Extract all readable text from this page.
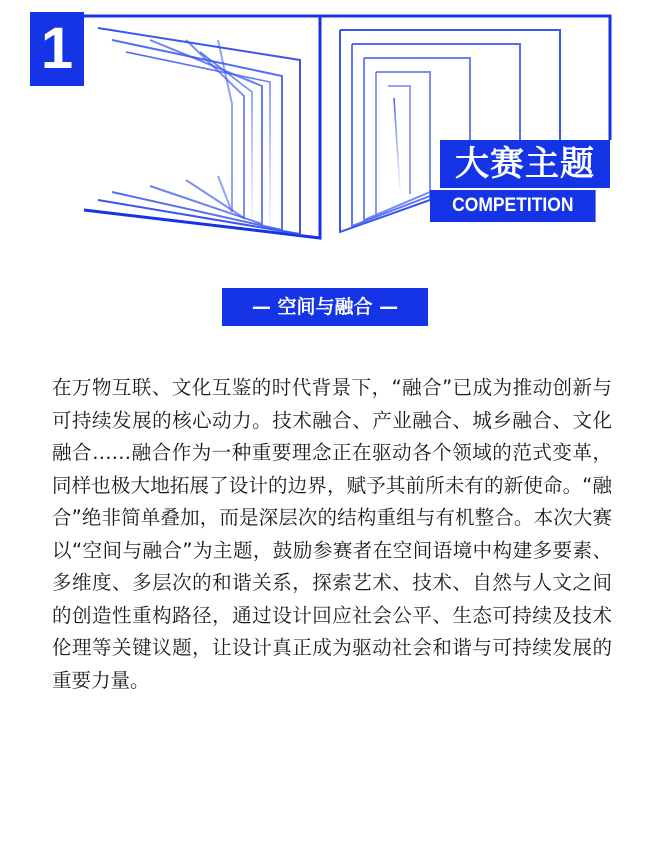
1
大赛主题
COMPETITION THEME
— 空间与融合 —
在万物互联、文化互鉴的时代背景下，“融合”已成为推动创新与可持续发展的核心动力。技术融合、产业融合、城乡融合、文化融合……融合作为一种重要理念正在驱动各个领域的范式变革，同样也极大地拓展了设计的边界，赋予其前所未有的新使命。“融合”绝非简单叠加，而是深层次的结构重组与有机整合。本次大赛以“空间与融合”为主题，鼓励参赛者在空间语境中构建多要素、多维度、多层次的和谐关系，探索艺术、技术、自然与人文之间的创造性重构路径，通过设计回应社会公平、生态可持续及技术伦理等关键议题，让设计真正成为驱动社会和谐与可持续发展的重要力量。
